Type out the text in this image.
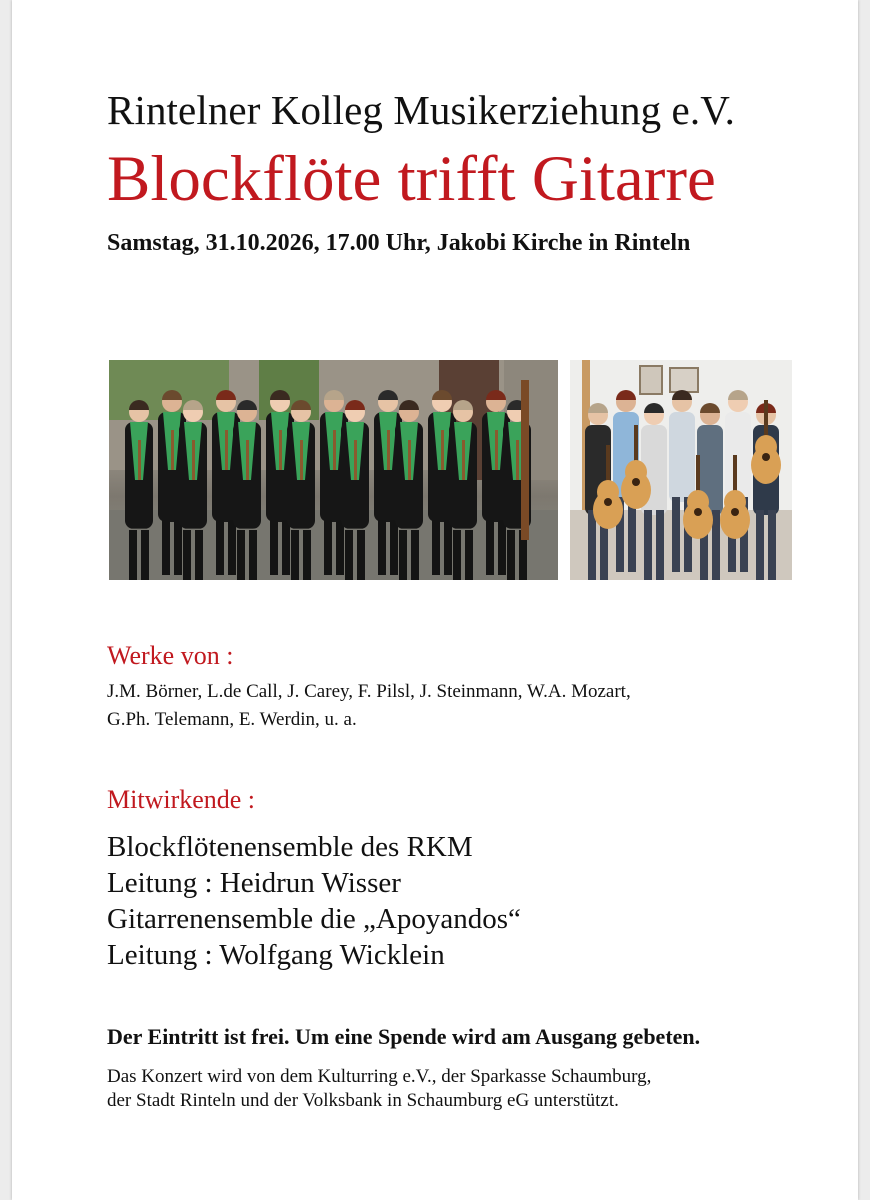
Rintelner Kolleg Musikerziehung e.V.
Blockflöte trifft Gitarre
Samstag, 31.10.2026, 17.00 Uhr, Jakobi Kirche in Rinteln
Werke von :
J.M. Börner, L.de Call, J. Carey, F. Pilsl, J. Steinmann, W.A. Mozart,
G.Ph. Telemann, E. Werdin, u. a.
Mitwirkende :
Blockflötenensemble des RKM
Leitung : Heidrun Wisser
Gitarrenensemble die „Apoyandos“
Leitung : Wolfgang Wicklein
Der Eintritt ist frei. Um eine Spende wird am Ausgang gebeten.
Das Konzert wird von dem Kulturring e.V., der Sparkasse Schaumburg,
der Stadt Rinteln und der Volksbank in Schaumburg eG unterstützt.
